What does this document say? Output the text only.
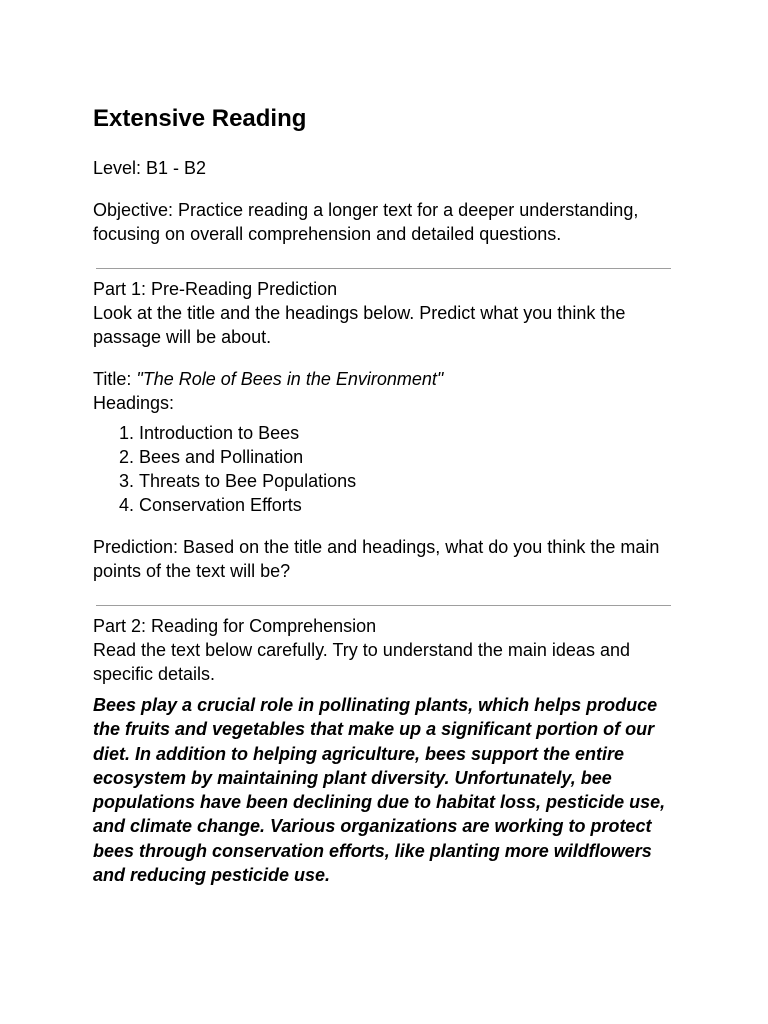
Extensive Reading

Level: B1 - B2

Objective: Practice reading a longer text for a deeper understanding, focusing on overall comprehension and detailed questions.

Part 1: Pre-Reading Prediction

Look at the title and the headings below. Predict what you think the passage will be about.

Title: "The Role of Bees in the Environment"

Headings:

1. Introduction to Bees
2. Bees and Pollination
3. Threats to Bee Populations
4. Conservation Efforts

Prediction: Based on the title and headings, what do you think the main points of the text will be?

Part 2: Reading for Comprehension

Read the text below carefully. Try to understand the main ideas and specific details.

Bees play a crucial role in pollinating plants, which helps produce the fruits and vegetables that make up a significant portion of our diet. In addition to helping agriculture, bees support the entire ecosystem by maintaining plant diversity. Unfortunately, bee populations have been declining due to habitat loss, pesticide use, and climate change. Various organizations are working to protect bees through conservation efforts, like planting more wildflowers and reducing pesticide use.
